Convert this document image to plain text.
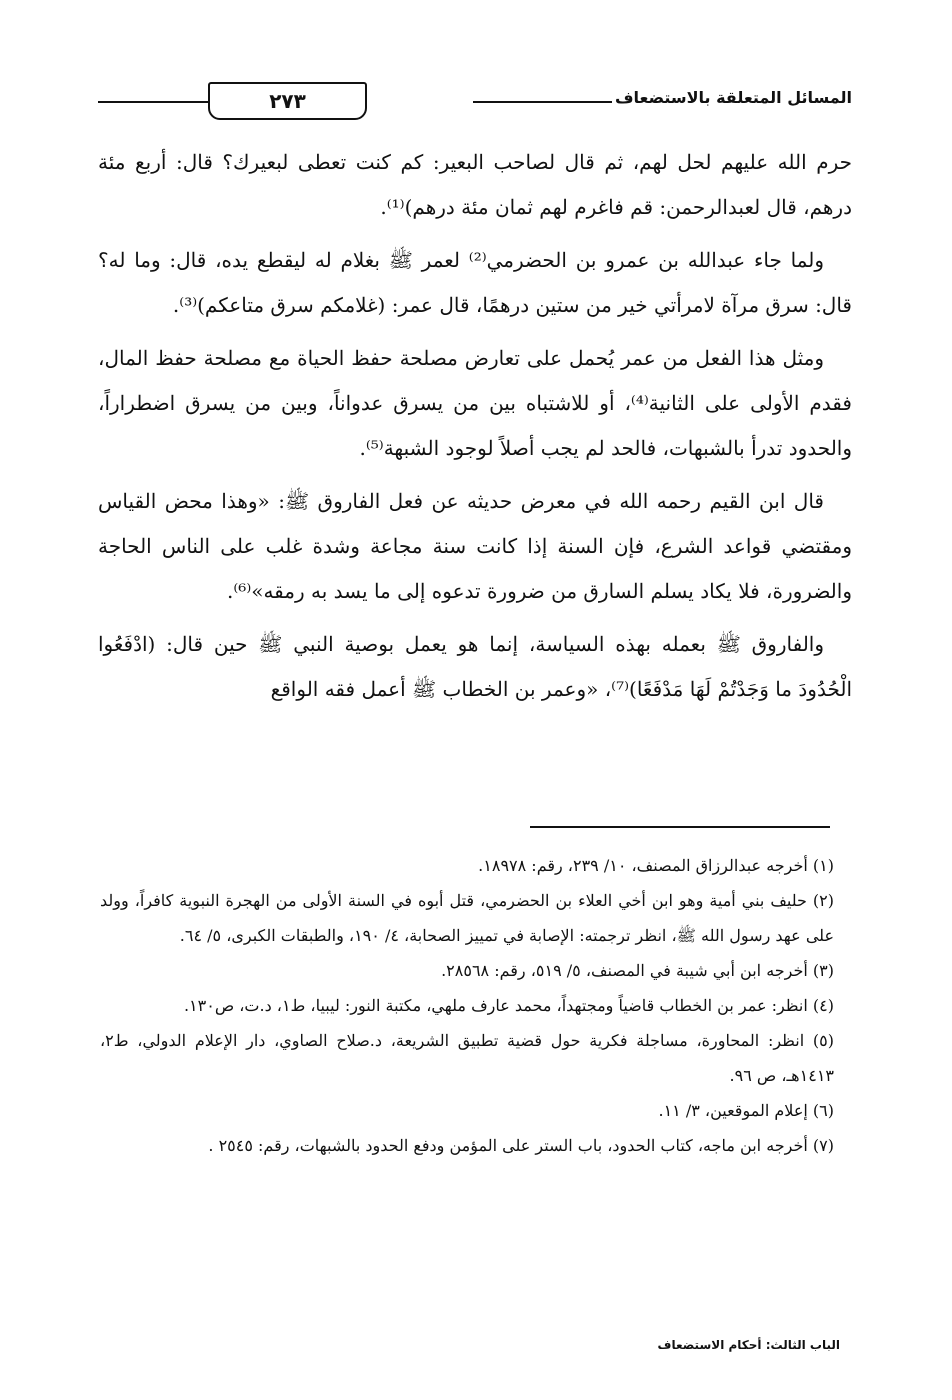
المسائل المتعلقة بالاستضعاف
٢٧٣

حرم الله عليهم لحل لهم، ثم قال لصاحب البعير: كم كنت تعطى لبعيرك؟ قال: أربع مئة درهم، قال لعبدالرحمن: قم فاغرم لهم ثمان مئة درهم)⁽¹⁾.

ولما جاء عبدالله بن عمرو بن الحضرمي⁽²⁾ لعمر ﷺ بغلام له ليقطع يده، قال: وما له؟ قال: سرق مرآة لامرأتي خير من ستين درهمًا، قال عمر: (غلامكم سرق متاعكم)⁽³⁾.

ومثل هذا الفعل من عمر يُحمل على تعارض مصلحة حفظ الحياة مع مصلحة حفظ المال، فقدم الأولى على الثانية⁽⁴⁾، أو للاشتباه بين من يسرق عدواناً، وبين من يسرق اضطراراً، والحدود تدرأ بالشبهات، فالحد لم يجب أصلاً لوجود الشبهة⁽⁵⁾.

قال ابن القيم رحمه الله في معرض حديثه عن فعل الفاروق ﷺ: «وهذا محض القياس ومقتضي قواعد الشرع، فإن السنة إذا كانت سنة مجاعة وشدة غلب على الناس الحاجة والضرورة، فلا يكاد يسلم السارق من ضرورة تدعوه إلى ما يسد به رمقه»⁽⁶⁾.

والفاروق ﷺ بعمله بهذه السياسة، إنما هو يعمل بوصية النبي ﷺ حين قال: (ادْفَعُوا الْحُدُودَ ما وَجَدْتُمْ لَهَا مَدْفَعًا)⁽⁷⁾، «وعمر بن الخطاب ﷺ أعمل فقه الواقع

(١) أخرجه عبدالرزاق المصنف، ١٠/ ٢٣٩، رقم: ١٨٩٧٨.

(٢) حليف بني أمية وهو ابن أخي العلاء بن الحضرمي، قتل أبوه في السنة الأولى من الهجرة النبوية كافراً، وولد على عهد رسول الله ﷺ، انظر ترجمته: الإصابة في تمييز الصحابة، ٤/ ١٩٠، والطبقات الكبرى، ٥/ ٦٤.

(٣) أخرجه ابن أبي شيبة في المصنف، ٥/ ٥١٩، رقم: ٢٨٥٦٨.

(٤) انظر: عمر بن الخطاب قاضياً ومجتهداً، محمد عارف ملهي، مكتبة النور: ليبيا، ط١، د.ت، ص١٣٠.

(٥) انظر: المحاورة، مساجلة فكرية حول قضية تطبيق الشريعة، د.صلاح الصاوي، دار الإعلام الدولي، ط٢، ١٤١٣هـ، ص ٩٦.

(٦) إعلام الموقعين، ٣/ ١١.

(٧) أخرجه ابن ماجه، كتاب الحدود، باب الستر على المؤمن ودفع الحدود بالشبهات، رقم: ٢٥٤٥ .

الباب الثالث: أحكام الاستضعاف
